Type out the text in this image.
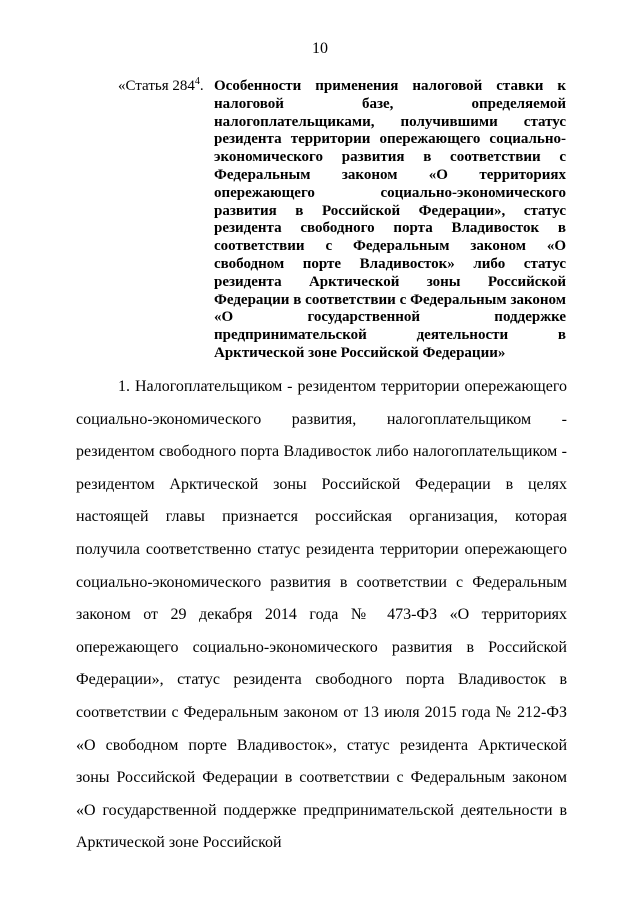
10
«Статья $284^4$. Особенности применения налоговой ставки к налоговой базе, определяемой налогоплательщиками, получившими статус резидента территории опережающего социально-экономического развития в соответствии с Федеральным законом «О территориях опережающего социально-экономического развития в Российской Федерации», статус резидента свободного порта Владивосток в соответствии с Федеральным законом «О свободном порте Владивосток» либо статус резидента Арктической зоны Российской Федерации в соответствии с Федеральным законом «О государственной поддержке предпринимательской деятельности в Арктической зоне Российской Федерации»

1. Налогоплательщиком - резидентом территории опережающего социально-экономического развития, налогоплательщиком - резидентом свободного порта Владивосток либо налогоплательщиком - резидентом Арктической зоны Российской Федерации в целях настоящей главы признается российская организация, которая получила соответственно статус резидента территории опережающего социально-экономического развития в соответствии с Федеральным законом от 29 декабря 2014 года № 473-ФЗ «О территориях опережающего социально-экономического развития в Российской Федерации», статус резидента свободного порта Владивосток в соответствии с Федеральным законом от 13 июля 2015 года № 212-ФЗ «О свободном порте Владивосток», статус резидента Арктической зоны Российской Федерации в соответствии с Федеральным законом «О государственной поддержке предпринимательской деятельности в Арктической зоне Российской
